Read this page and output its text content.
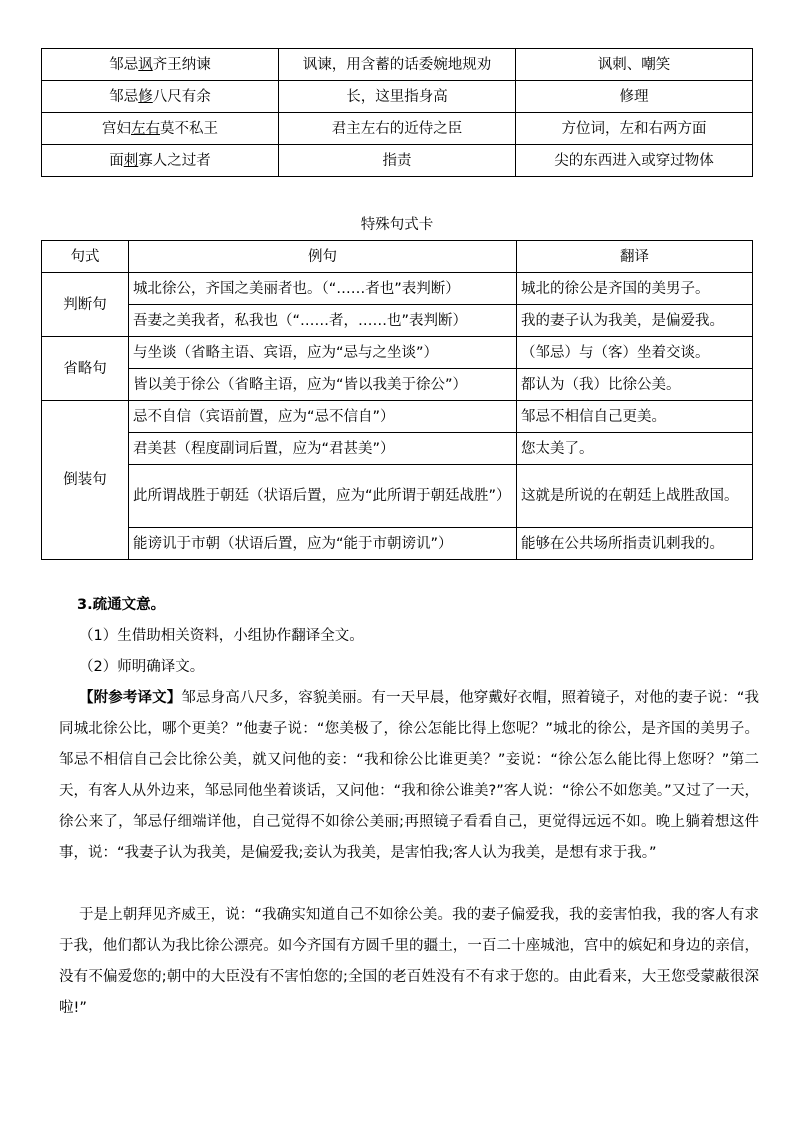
邹忌讽齐王纳谏	讽谏，用含蓄的话委婉地规劝	讽刺、嘲笑
邹忌修八尺有余	长，这里指身高	修理
宫妇左右莫不私王	君主左右的近侍之臣	方位词，左和右两方面
面刺寡人之过者	指责	尖的东西进入或穿过物体
特殊句式卡
句式	例句	翻译
判断句	城北徐公，齐国之美丽者也。（“……者也”表判断）	城北的徐公是齐国的美男子。
	吾妻之美我者，私我也（“……者，……也”表判断）	我的妻子认为我美，是偏爱我。
省略句	与坐谈（省略主语、宾语，应为“忌与之坐谈”）	（邹忌）与（客）坐着交谈。
	皆以美于徐公（省略主语，应为“皆以我美于徐公”）	都认为（我）比徐公美。
倒装句	忌不自信（宾语前置，应为“忌不信自”）	邹忌不相信自己更美。
	君美甚（程度副词后置，应为“君甚美”）	您太美了。
	此所谓战胜于朝廷（状语后置，应为“此所谓于朝廷战胜”）	这就是所说的在朝廷上战胜敌国。
	能谤讥于市朝（状语后置，应为“能于市朝谤讥”）	能够在公共场所指责讥刺我的。
3.疏通文意。
（1）生借助相关资料，小组协作翻译全文。
（2）师明确译文。
【附参考译文】邹忌身高八尺多，容貌美丽。有一天早晨，他穿戴好衣帽，照着镜子，对他的妻子说：“我同城北徐公比，哪个更美？”他妻子说：“您美极了，徐公怎能比得上您呢？”城北的徐公，是齐国的美男子。邹忌不相信自己会比徐公美，就又问他的妾：“我和徐公比谁更美？”妾说：“徐公怎么能比得上您呀？”第二天，有客人从外边来，邹忌同他坐着谈话，又问他：“我和徐公谁美?”客人说：“徐公不如您美。”又过了一天，徐公来了，邹忌仔细端详他，自己觉得不如徐公美丽;再照镜子看看自己，更觉得远远不如。晚上躺着想这件事，说：“我妻子认为我美，是偏爱我;妾认为我美，是害怕我;客人认为我美，是想有求于我。”
于是上朝拜见齐威王，说：“我确实知道自己不如徐公美。我的妻子偏爱我，我的妾害怕我，我的客人有求于我，他们都认为我比徐公漂亮。如今齐国有方圆千里的疆土，一百二十座城池，宫中的嫔妃和身边的亲信，没有不偏爱您的;朝中的大臣没有不害怕您的;全国的老百姓没有不有求于您的。由此看来，大王您受蒙蔽很深啦!”
